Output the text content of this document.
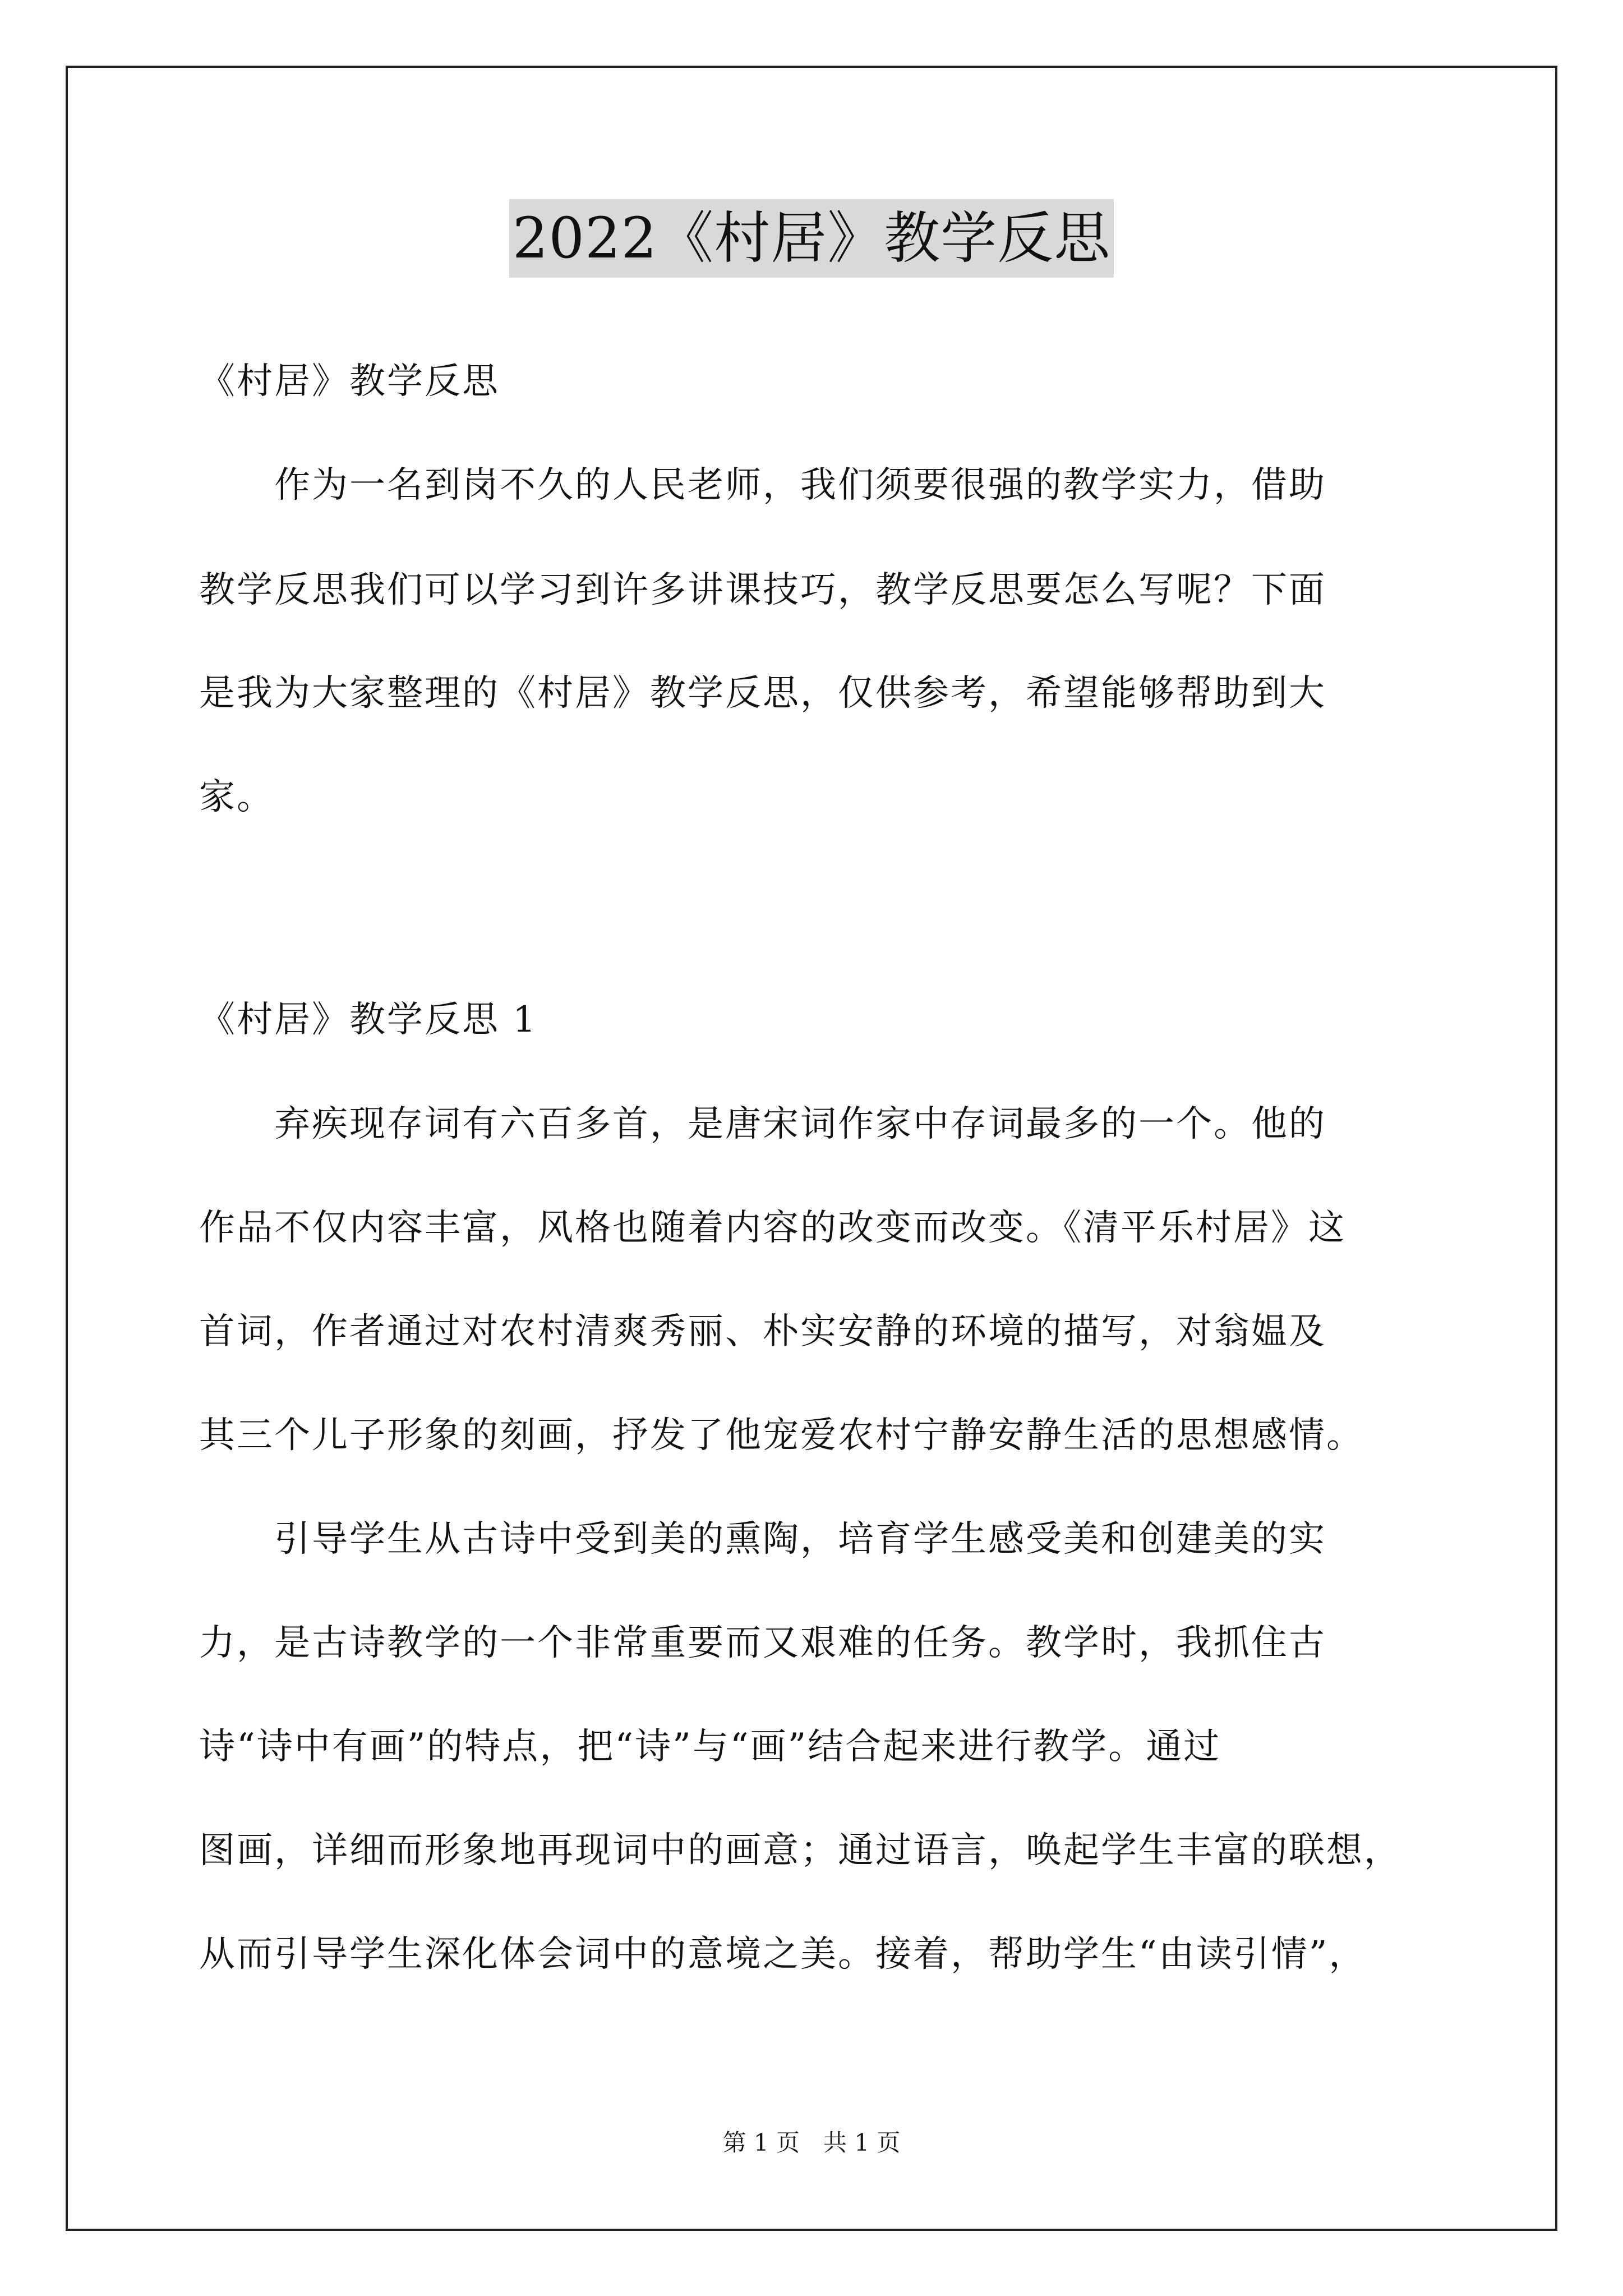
2022《村居》教学反思
《村居》教学反思
　　作为一名到岗不久的人民老师，我们须要很强的教学实力，借助
教学反思我们可以学习到许多讲课技巧，教学反思要怎么写呢？下面
是我为大家整理的《村居》教学反思，仅供参考，希望能够帮助到大
家。
《村居》教学反思 1
　　弃疾现存词有六百多首，是唐宋词作家中存词最多的一个。他的
作品不仅内容丰富，风格也随着内容的改变而改变。《清平乐村居》这
首词，作者通过对农村清爽秀丽、朴实安静的环境的描写，对翁媪及
其三个儿子形象的刻画，抒发了他宠爱农村宁静安静生活的思想感情。
　　引导学生从古诗中受到美的熏陶，培育学生感受美和创建美的实
力，是古诗教学的一个非常重要而又艰难的任务。教学时，我抓住古
诗“诗中有画”的特点，把“诗”与“画”结合起来进行教学。通过
图画，详细而形象地再现词中的画意；通过语言，唤起学生丰富的联想，
从而引导学生深化体会词中的意境之美。接着，帮助学生“由读引情”，
第 1 页　共 1 页
